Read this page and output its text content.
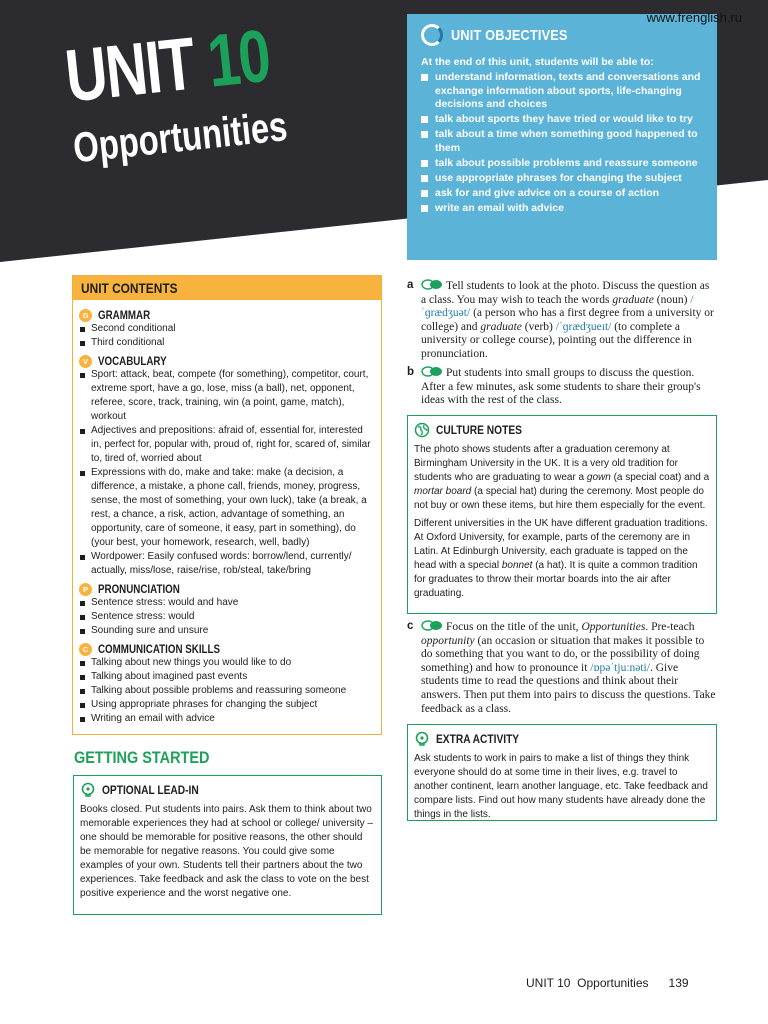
UNIT 10
Opportunities
www.frenglish.ru
UNIT OBJECTIVES
At the end of this unit, students will be able to:
understand information, texts and conversations and exchange information about sports, life-changing decisions and choices
talk about sports they have tried or would like to try
talk about a time when something good happened to them
talk about possible problems and reassure someone
use appropriate phrases for changing the subject
ask for and give advice on a course of action
write an email with advice
UNIT CONTENTS
G GRAMMAR
Second conditional
Third conditional
V VOCABULARY
Sport: attack, beat, compete (for something), competitor, court, extreme sport, have a go, lose, miss (a ball), net, opponent, referee, score, track, training, win (a point, game, match), workout
Adjectives and prepositions: afraid of, essential for, interested in, perfect for, popular with, proud of, right for, scared of, similar to, tired of, worried about
Expressions with do, make and take: make (a decision, a difference, a mistake, a phone call, friends, money, progress, sense, the most of something, your own luck), take (a break, a rest, a chance, a risk, action, advantage of something, an opportunity, care of someone, it easy, part in something), do (your best, your homework, research, well, badly)
Wordpower: Easily confused words: borrow/lend, currently/ actually, miss/lose, raise/rise, rob/steal, take/bring
P PRONUNCIATION
Sentence stress: would and have
Sentence stress: would
Sounding sure and unsure
C COMMUNICATION SKILLS
Talking about new things you would like to do
Talking about imagined past events
Talking about possible problems and reassuring someone
Using appropriate phrases for changing the subject
Writing an email with advice
GETTING STARTED
OPTIONAL LEAD-IN

Books closed. Put students into pairs. Ask them to think about two memorable experiences they had at school or college/ university – one should be memorable for positive reasons, the other should be memorable for negative reasons. You could give some examples of your own. Students tell their partners about the two experiences. Take feedback and ask the class to vote on the best positive experience and the worst negative one.

a	Tell students to look at the photo. Discuss the question as a class. You may wish to teach the words graduate (noun) /ˈɡrædʒuət/ (a person who has a first degree from a university or college) and graduate (verb) /ˈɡrædʒueɪt/ (to complete a university or college course), pointing out the difference in pronunciation.
b	Put students into small groups to discuss the question. After a few minutes, ask some students to share their group's ideas with the rest of the class.
CULTURE NOTES

The photo shows students after a graduation ceremony at Birmingham University in the UK. It is a very old tradition for students who are graduating to wear a gown (a special coat) and a mortar board (a special hat) during the ceremony. Most people do not buy or own these items, but hire them especially for the event.

Different universities in the UK have different graduation traditions. At Oxford University, for example, parts of the ceremony are in Latin. At Edinburgh University, each graduate is tapped on the head with a special bonnet (a hat). It is quite a common tradition for graduates to throw their mortar boards into the air after graduating.

c	Focus on the title of the unit, Opportunities. Pre-teach opportunity (an occasion or situation that makes it possible to do something that you want to do, or the possibility of doing something) and how to pronounce it /ɒpəˈtjuːnəti/. Give students time to read the questions and think about their answers. Then put them into pairs to discuss the questions. Take feedback as a class.
EXTRA ACTIVITY

Ask students to work in pairs to make a list of things they think everyone should do at some time in their lives, e.g. travel to another continent, learn another language, etc. Take feedback and compare lists. Find out how many students have already done the things in the lists.

UNIT 10 Opportunities 139
